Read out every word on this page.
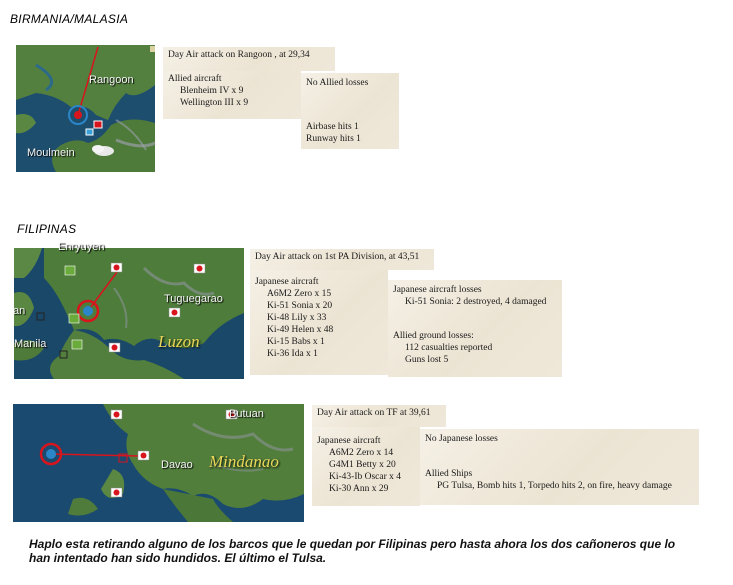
BIRMANIA/MALASIA
FILIPINAS
Rangoon
Moulmein
Day Air attack on Rangoon , at 29,34
Allied aircraft
Blenheim IV x 9
Wellington III x 9
No Allied losses
Airbase hits 1
Runway hits 1
Enryuyen
Tuguegarao
an
Manila	Luzon
Day Air attack on 1st PA Division, at 43,51
Japanese aircraft
A6M2 Zero x 15
Ki-51 Sonia x 20
Ki-48 Lily x 33
Ki-49 Helen x 48
Ki-15 Babs x 1
Ki-36 Ida x 1
Japanese aircraft losses
Ki-51 Sonia: 2 destroyed, 4 damaged
Allied ground losses:
112 casualties reported
Guns lost 5
Butuan
Davao Mindanao
Day Air attack on TF at 39,61
Japanese aircraft
A6M2 Zero x 14
G4M1 Betty x 20
Ki-43-Ib Oscar x 4
Ki-30 Ann x 29
No Japanese losses
Allied Ships
PG Tulsa, Bomb hits 1, Torpedo hits 2, on fire, heavy damage
Haplo esta retirando alguno de los barcos que le quedan por Filipinas pero hasta ahora los dos cañoneros que lo han intentado han sido hundidos. El último el Tulsa.
